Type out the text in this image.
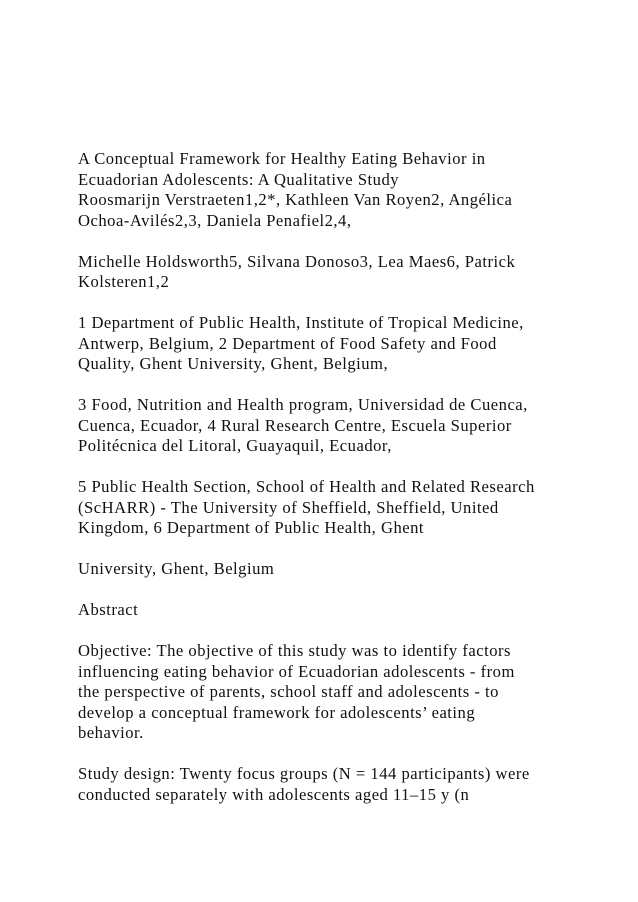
A Conceptual Framework for Healthy Eating Behavior in
Ecuadorian Adolescents: A Qualitative Study
Roosmarijn Verstraeten1,2*, Kathleen Van Royen2, Angélica
Ochoa-Avilés2,3, Daniela Penafiel2,4,

Michelle Holdsworth5, Silvana Donoso3, Lea Maes6, Patrick
Kolsteren1,2

1 Department of Public Health, Institute of Tropical Medicine,
Antwerp, Belgium, 2 Department of Food Safety and Food
Quality, Ghent University, Ghent, Belgium,

3 Food, Nutrition and Health program, Universidad de Cuenca,
Cuenca, Ecuador, 4 Rural Research Centre, Escuela Superior
Politécnica del Litoral, Guayaquil, Ecuador,

5 Public Health Section, School of Health and Related Research
(ScHARR) - The University of Sheffield, Sheffield, United
Kingdom, 6 Department of Public Health, Ghent

University, Ghent, Belgium

Abstract

Objective: The objective of this study was to identify factors
influencing eating behavior of Ecuadorian adolescents - from
the perspective of parents, school staff and adolescents - to
develop a conceptual framework for adolescents’ eating
behavior.

Study design: Twenty focus groups (N = 144 participants) were
conducted separately with adolescents aged 11–15 y (n
